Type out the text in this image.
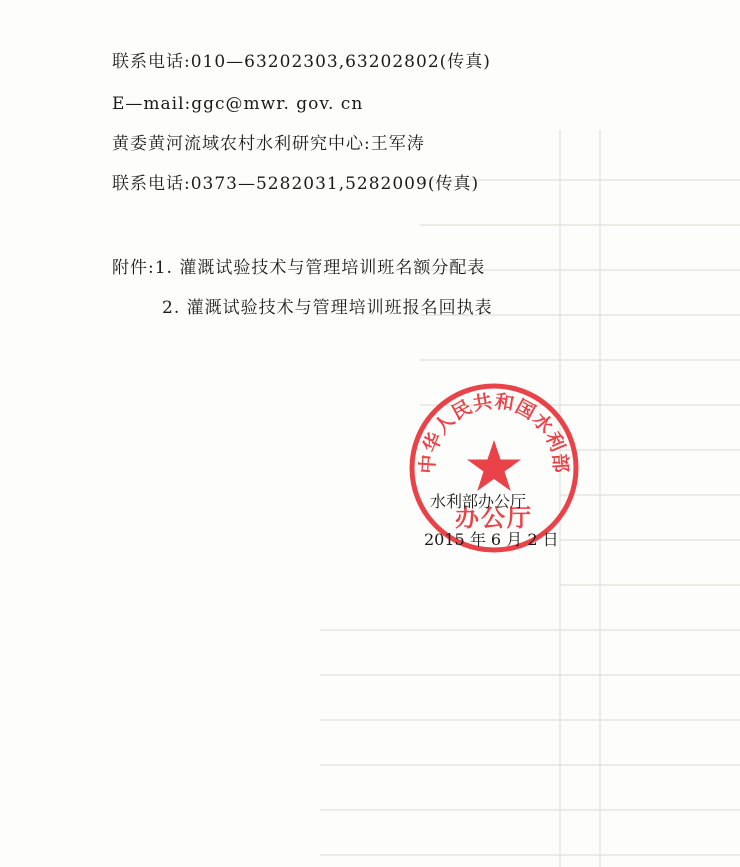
联系电话:010—63202303,63202802(传真)
E—mail:ggc@mwr. gov. cn
黄委黄河流域农村水利研究中心:王军涛
联系电话:0373—5282031,5282009(传真)
附件:1. 灌溉试验技术与管理培训班名额分配表
2. 灌溉试验技术与管理培训班报名回执表
中华人民共和国水利部
办公厅
水利部办公厅
2015 年 6 月 2 日
